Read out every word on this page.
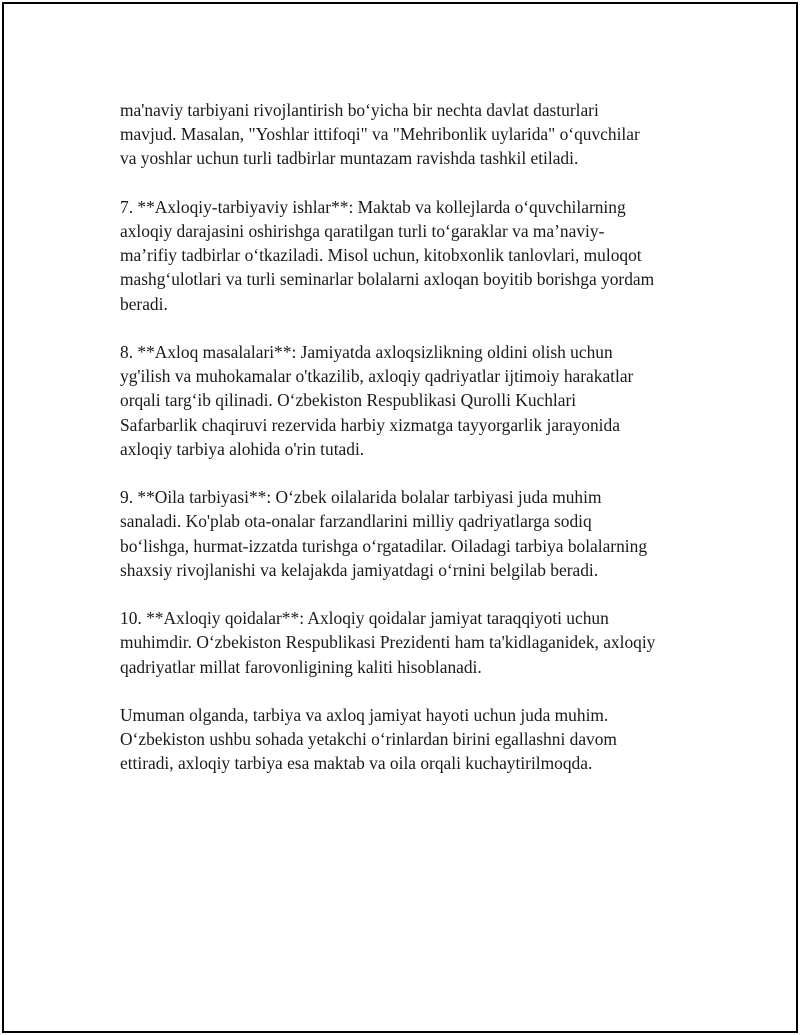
ma'naviy tarbiyani rivojlantirish bo‘yicha bir nechta davlat dasturlari
mavjud. Masalan, "Yoshlar ittifoqi" va "Mehribonlik uylarida" o‘quvchilar
va yoshlar uchun turli tadbirlar muntazam ravishda tashkil etiladi.
7. **Axloqiy-tarbiyaviy ishlar**: Maktab va kollejlarda o‘quvchilarning
axloqiy darajasini oshirishga qaratilgan turli to‘garaklar va ma’naviy-
ma’rifiy tadbirlar o‘tkaziladi. Misol uchun, kitobxonlik tanlovlari, muloqot
mashg‘ulotlari va turli seminarlar bolalarni axloqan boyitib borishga yordam
beradi.
8. **Axloq masalalari**: Jamiyatda axloqsizlikning oldini olish uchun
yg'ilish va muhokamalar o'tkazilib, axloqiy qadriyatlar ijtimoiy harakatlar
orqali targ‘ib qilinadi. O‘zbekiston Respublikasi Qurolli Kuchlari
Safarbarlik chaqiruvi rezervida harbiy xizmatga tayyorgarlik jarayonida
axloqiy tarbiya alohida o'rin tutadi.
9. **Oila tarbiyasi**: O‘zbek oilalarida bolalar tarbiyasi juda muhim
sanaladi. Ko'plab ota-onalar farzandlarini milliy qadriyatlarga sodiq
bo‘lishga, hurmat-izzatda turishga o‘rgatadilar. Oiladagi tarbiya bolalarning
shaxsiy rivojlanishi va kelajakda jamiyatdagi o‘rnini belgilab beradi.
10. **Axloqiy qoidalar**: Axloqiy qoidalar jamiyat taraqqiyoti uchun
muhimdir. O‘zbekiston Respublikasi Prezidenti ham ta'kidlaganidek, axloqiy
qadriyatlar millat farovonligining kaliti hisoblanadi.
Umuman olganda, tarbiya va axloq jamiyat hayoti uchun juda muhim.
O‘zbekiston ushbu sohada yetakchi o‘rinlardan birini egallashni davom
ettiradi, axloqiy tarbiya esa maktab va oila orqali kuchaytirilmoqda.
